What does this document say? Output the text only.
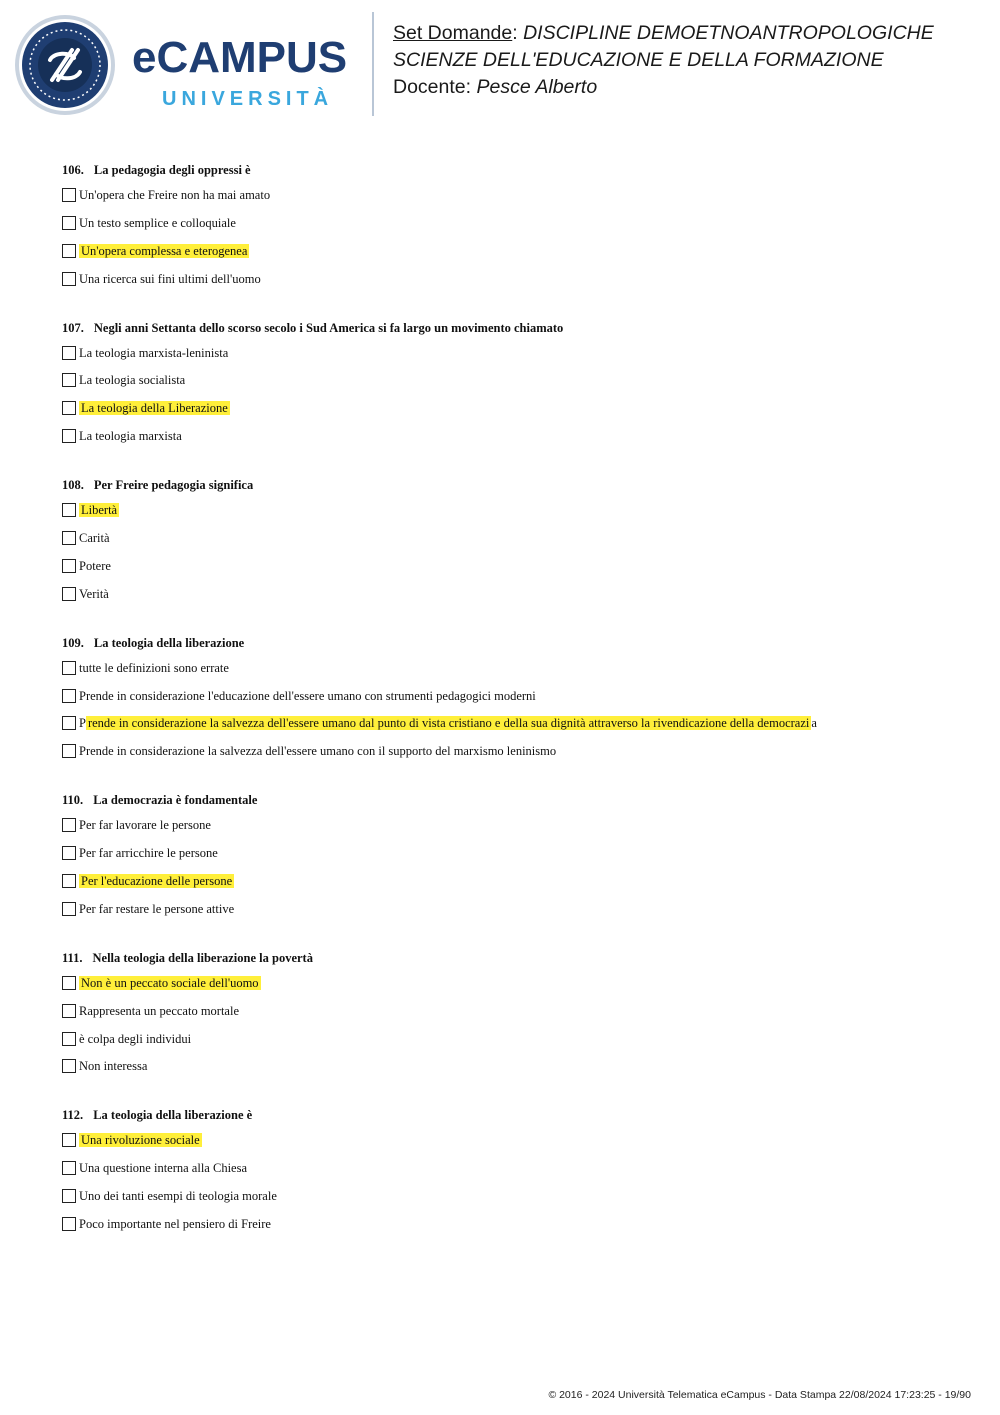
eCAMPUS
UNIVERSITÀ
Set Domande: DISCIPLINE DEMOETNOANTROPOLOGICHE
SCIENZE DELL'EDUCAZIONE E DELLA FORMAZIONE
Docente: Pesce Alberto
106. La pedagogia degli oppressi è
Un'opera che Freire non ha mai amato
Un testo semplice e colloquiale
Un'opera complessa e eterogenea
Una ricerca sui fini ultimi dell'uomo
107. Negli anni Settanta dello scorso secolo i Sud America si fa largo un movimento chiamato
La teologia marxista-leninista
La teologia socialista
La teologia della Liberazione
La teologia marxista
108. Per Freire pedagogia significa
Libertà
Carità
Potere
Verità
109. La teologia della liberazione
tutte le definizioni sono errate
Prende in considerazione l'educazione dell'essere umano con strumenti pedagogici moderni
P rende in considerazione la salvezza dell'essere umano dal punto di vista cristiano e della sua dignità attraverso la rivendicazione della democrazi a
Prende in considerazione la salvezza dell'essere umano con il supporto del marxismo leninismo
110. La democrazia è fondamentale
Per far lavorare le persone
Per far arricchire le persone
Per l'educazione delle persone
Per far restare le persone attive
111. Nella teologia della liberazione la povertà
Non è un peccato sociale dell'uomo
Rappresenta un peccato mortale
è colpa degli individui
Non interessa
112. La teologia della liberazione è
Una rivoluzione sociale
Una questione interna alla Chiesa
Uno dei tanti esempi di teologia morale
Poco importante nel pensiero di Freire
© 2016 - 2024 Università Telematica eCampus - Data Stampa 22/08/2024 17:23:25 - 19/90
